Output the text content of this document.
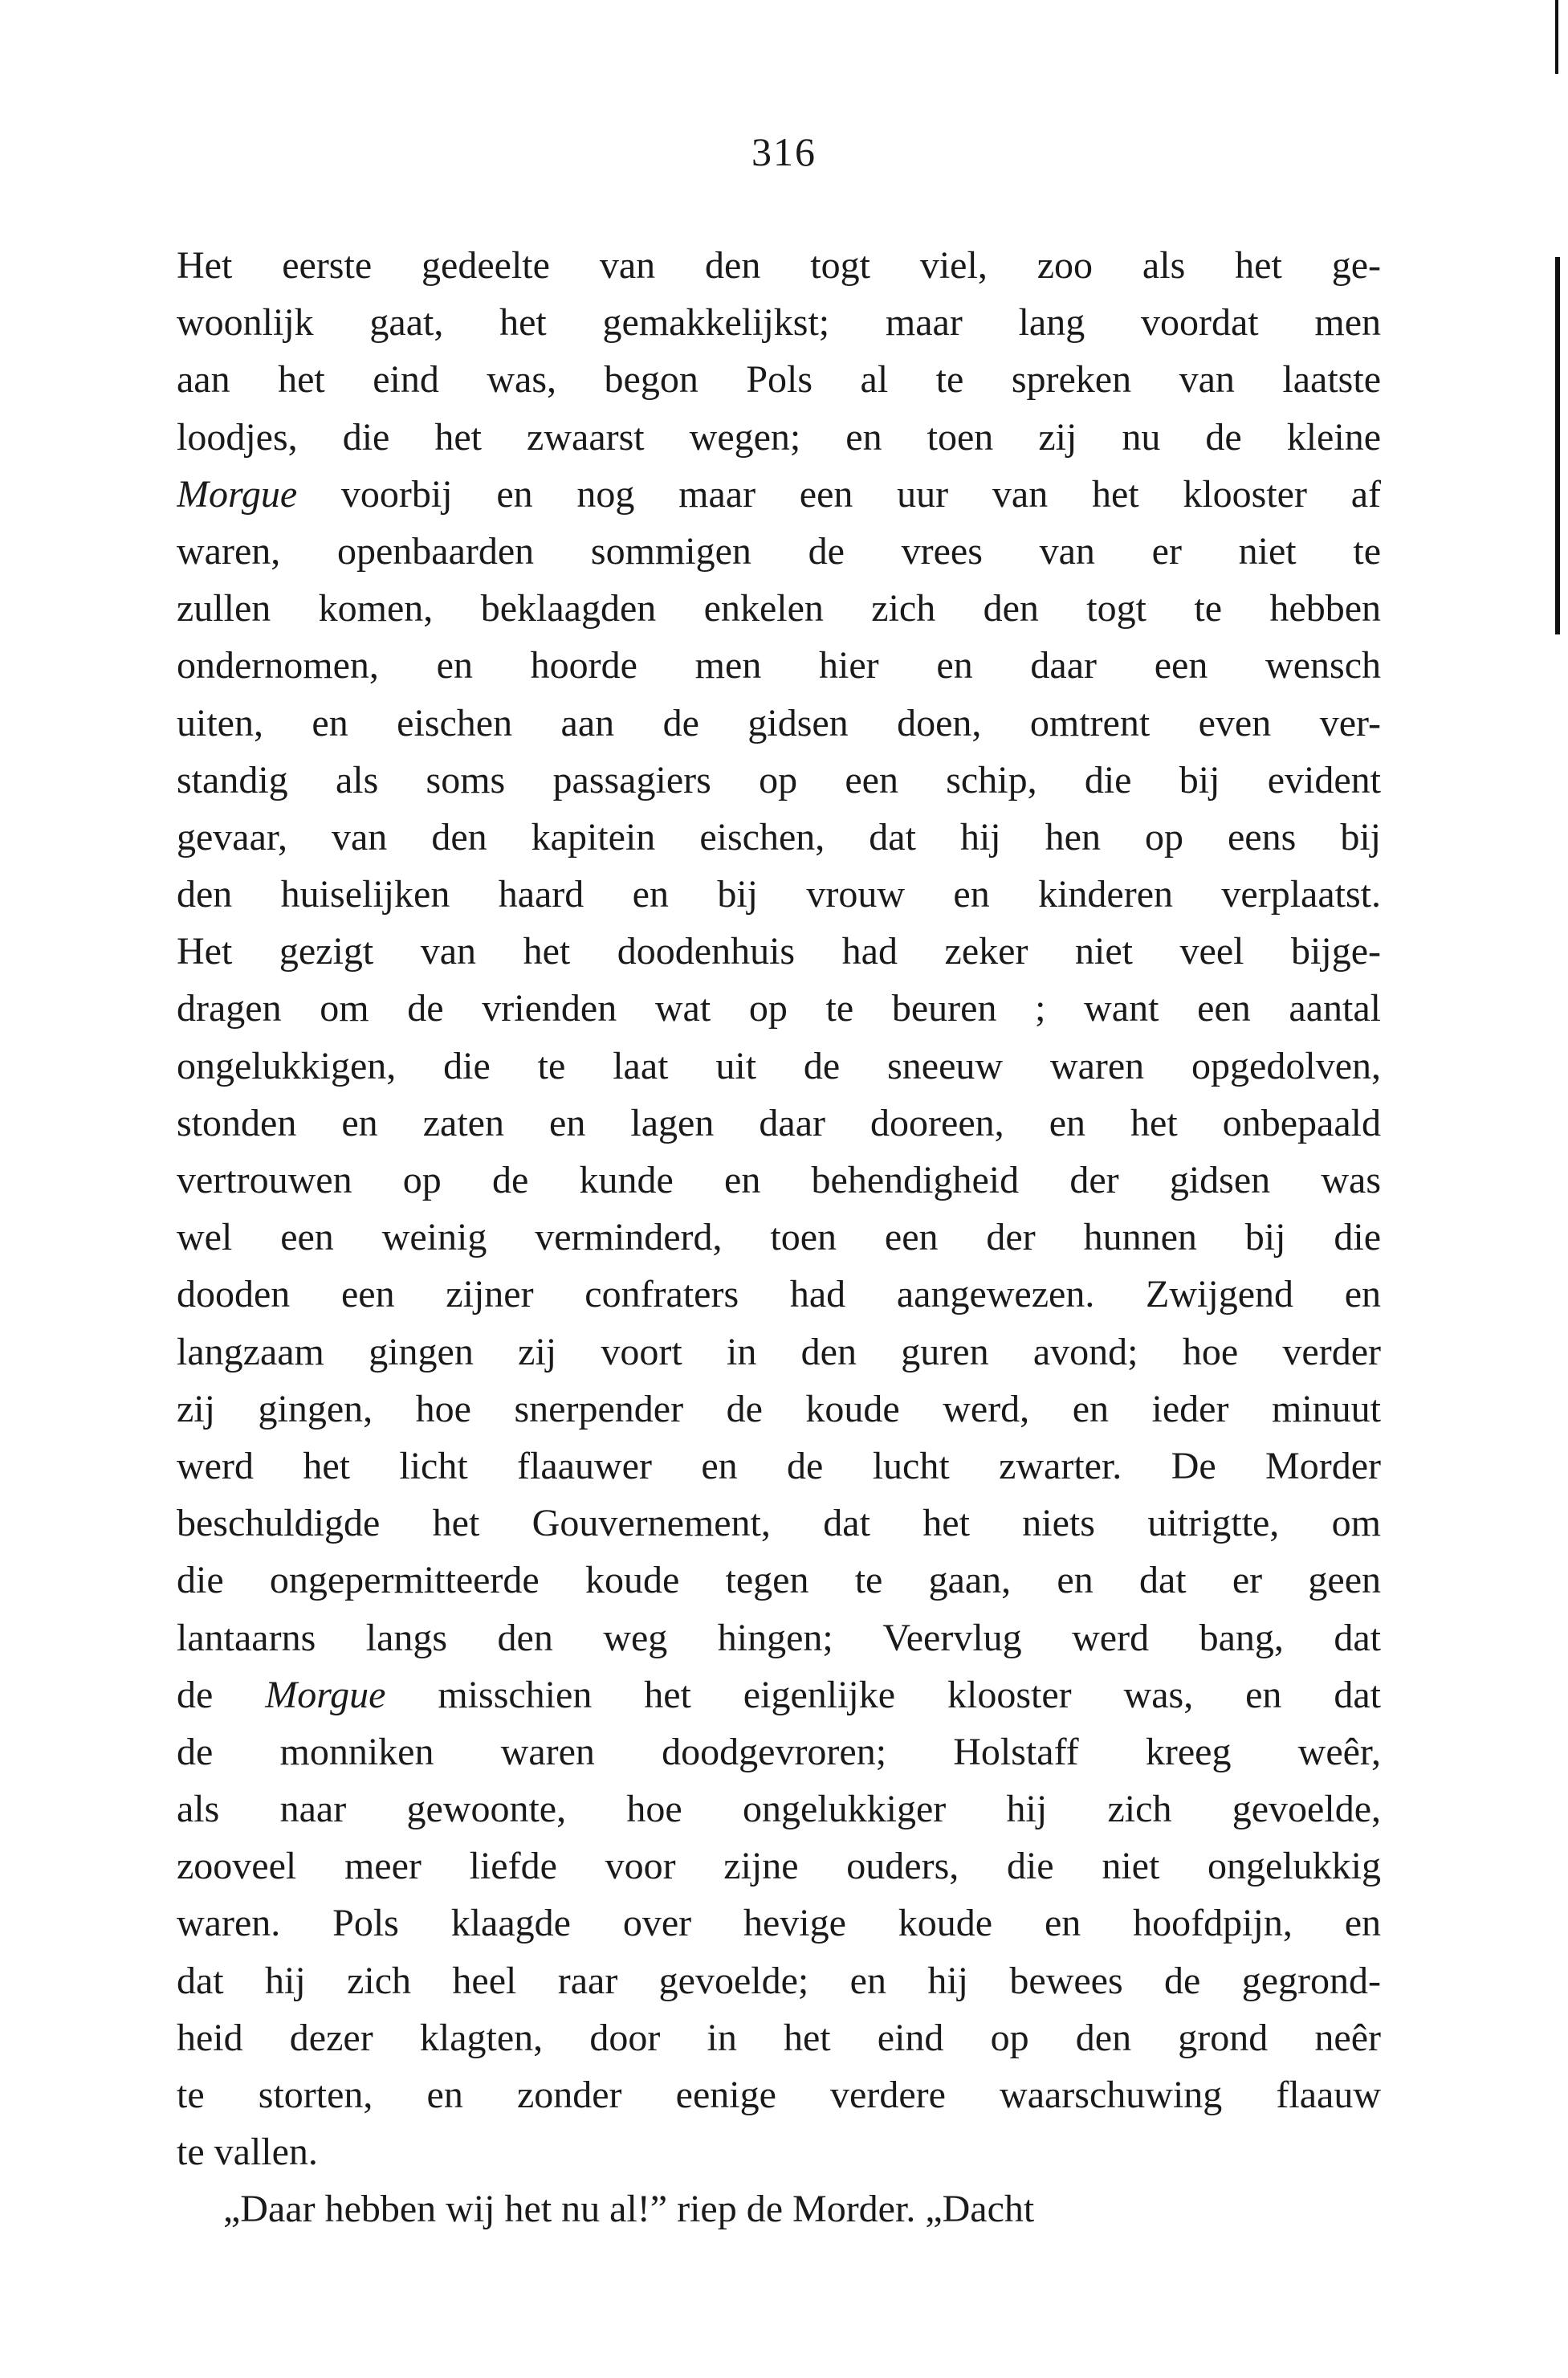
316
Het eerste gedeelte van den togt viel, zoo als het ge-
woonlijk gaat, het gemakkelijkst; maar lang voordat men
aan het eind was, begon Pols al te spreken van laatste
loodjes, die het zwaarst wegen; en toen zij nu de kleine
Morgue voorbij en nog maar een uur van het klooster af
waren, openbaarden sommigen de vrees van er niet te
zullen komen, beklaagden enkelen zich den togt te hebben
ondernomen, en hoorde men hier en daar een wensch
uiten, en eischen aan de gidsen doen, omtrent even ver-
standig als soms passagiers op een schip, die bij evident
gevaar, van den kapitein eischen, dat hij hen op eens bij
den huiselijken haard en bij vrouw en kinderen verplaatst.
Het gezigt van het doodenhuis had zeker niet veel bijge-
dragen om de vrienden wat op te beuren ; want een aantal
ongelukkigen, die te laat uit de sneeuw waren opgedolven,
stonden en zaten en lagen daar dooreen, en het onbepaald
vertrouwen op de kunde en behendigheid der gidsen was
wel een weinig verminderd, toen een der hunnen bij die
dooden een zijner confraters had aangewezen. Zwijgend en
langzaam gingen zij voort in den guren avond; hoe verder
zij gingen, hoe snerpender de koude werd, en ieder minuut
werd het licht flaauwer en de lucht zwarter. De Morder
beschuldigde het Gouvernement, dat het niets uitrigtte, om
die ongepermitteerde koude tegen te gaan, en dat er geen
lantaarns langs den weg hingen; Veervlug werd bang, dat
de Morgue misschien het eigenlijke klooster was, en dat
de monniken waren doodgevroren; Holstaff kreeg weêr,
als naar gewoonte, hoe ongelukkiger hij zich gevoelde,
zooveel meer liefde voor zijne ouders, die niet ongelukkig
waren. Pols klaagde over hevige koude en hoofdpijn, en
dat hij zich heel raar gevoelde; en hij bewees de gegrond-
heid dezer klagten, door in het eind op den grond neêr
te storten, en zonder eenige verdere waarschuwing flaauw
te vallen.
„Daar hebben wij het nu al!” riep de Morder. „Dacht
